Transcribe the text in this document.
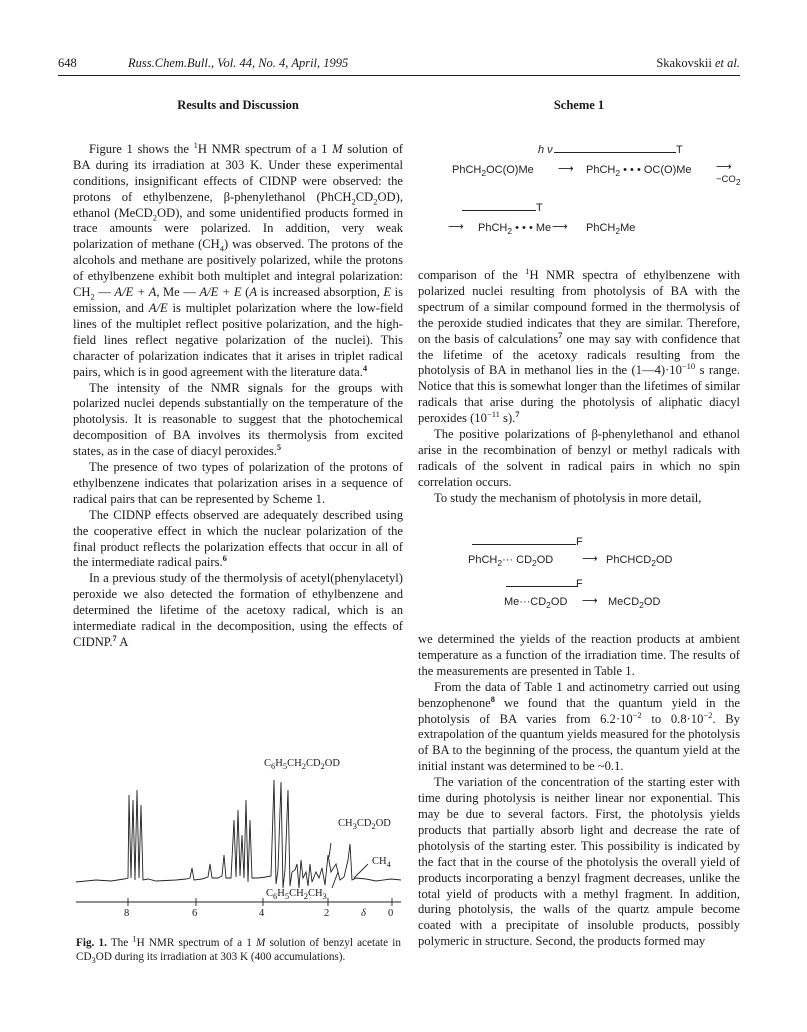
648	Russ.Chem.Bull., Vol. 44, No. 4, April, 1995	Skakovskii et al.
Results and Discussion

Figure 1 shows the $^1$H NMR spectrum of a 1 M solution of BA during its irradiation at 303 K. Under these experimental conditions, insignificant effects of CIDNP were observed: the protons of ethylbenzene, β-phenylethanol $(PhCH_2CD_2OD)$, ethanol (MeCD$_2$OD), and some unidentified products formed in trace amounts were polarized. In addition, very weak polarization of methane $(CH_4)$ was observed. The protons of the alcohols and methane are positively polarized, while the protons of ethylbenzene exhibit both multiplet and integral polarization: $CH_2$ — A/E + A, Me — A/E + E (A is increased absorption, E is emission, and A/E is multiplet polarization where the low-field lines of the multiplet reflect positive polarization, and the high-field lines reflect negative polarization of the nuclei). This character of polarization indicates that it arises in triplet radical pairs, which is in good agreement with the literature data.$^4$

The intensity of the NMR signals for the groups with polarized nuclei depends substantially on the temperature of the photolysis. It is reasonable to suggest that the photochemical decomposition of BA involves its thermolysis from excited states, as in the case of diacyl peroxides.$^5$

The presence of two types of polarization of the protons of ethylbenzene indicates that polarization arises in a sequence of radical pairs that can be represented by Scheme 1.

The CIDNP effects observed are adequately described using the cooperative effect in which the nuclear polarization of the final product reflects the polarization effects that occur in all of the intermediate radical pairs.$^6$

In a previous study of the thermolysis of acetyl(phenylacetyl) peroxide we also detected the formation of ethylbenzene and determined the lifetime of the acetoxy radical, which is an intermediate radical in the decomposition, using the effects of CIDNP.$^7$ A

$C_6H_5CH_2CD_2OD$
$CH_3CD_2OD$
$CH_4$
$C_6H_5CH_2CH_3$
8	6	4	2	δ 0
Fig. 1. The $^1$H NMR spectrum of a 1 M solution of benzyl acetate in $CD_3OD$ during its irradiation at 303 K (400 accumulations).
Scheme 1
h ν	T
PhCH$_2$OC(O)Me ⟶ PhCH$_2$ • • • OC(O)Me ⟶
$-CO_2$
T
⟶ PhCH$_2$ • • • Me ⟶ PhCH$_2$Me

comparison of the $^1$H NMR spectra of ethylbenzene with polarized nuclei resulting from photolysis of BA with the spectrum of a similar compound formed in the thermolysis of the peroxide studied indicates that they are similar. Therefore, on the basis of calculations$^7$ one may say with confidence that the lifetime of the acetoxy radicals resulting from the photolysis of BA in methanol lies in the $(1—4)\cdot 10^{-10}$ s range. Notice that this is somewhat longer than the lifetimes of similar radicals that arise during the photolysis of aliphatic diacyl peroxides ($10^{-11}$ s).$^7$

The positive polarizations of β-phenylethanol and ethanol arise in the recombination of benzyl or methyl radicals with radicals of the solvent in radical pairs in which no spin correlation occurs.

To study the mechanism of photolysis in more detail,

F
PhCH$_2$··· $CD_2OD$	⟶ PhCHCD$_2$OD
F
$Me\cdot\cdot\cdot CD_2OD$ ⟶ MeCD$_2$OD

we determined the yields of the reaction products at ambient temperature as a function of the irradiation time. The results of the measurements are presented in Table 1.

From the data of Table 1 and actinometry carried out using benzophenone$^8$ we found that the quantum yield in the photolysis of BA varies from $6.2\cdot 10^{-2}$ to $0.8\cdot 10^{-2}$. By extrapolation of the quantum yields measured for the photolysis of BA to the beginning of the process, the quantum yield at the initial instant was determined to be ~0.1.

The variation of the concentration of the starting ester with time during photolysis is neither linear nor exponential. This may be due to several factors. First, the photolysis yields products that partially absorb light and decrease the rate of photolysis of the starting ester. This possibility is indicated by the fact that in the course of the photolysis the overall yield of products incorporating a benzyl fragment decreases, unlike the total yield of products with a methyl fragment. In addition, during photolysis, the walls of the quartz ampule become coated with a precipitate of insoluble products, possibly polymeric in structure. Second, the products formed may
